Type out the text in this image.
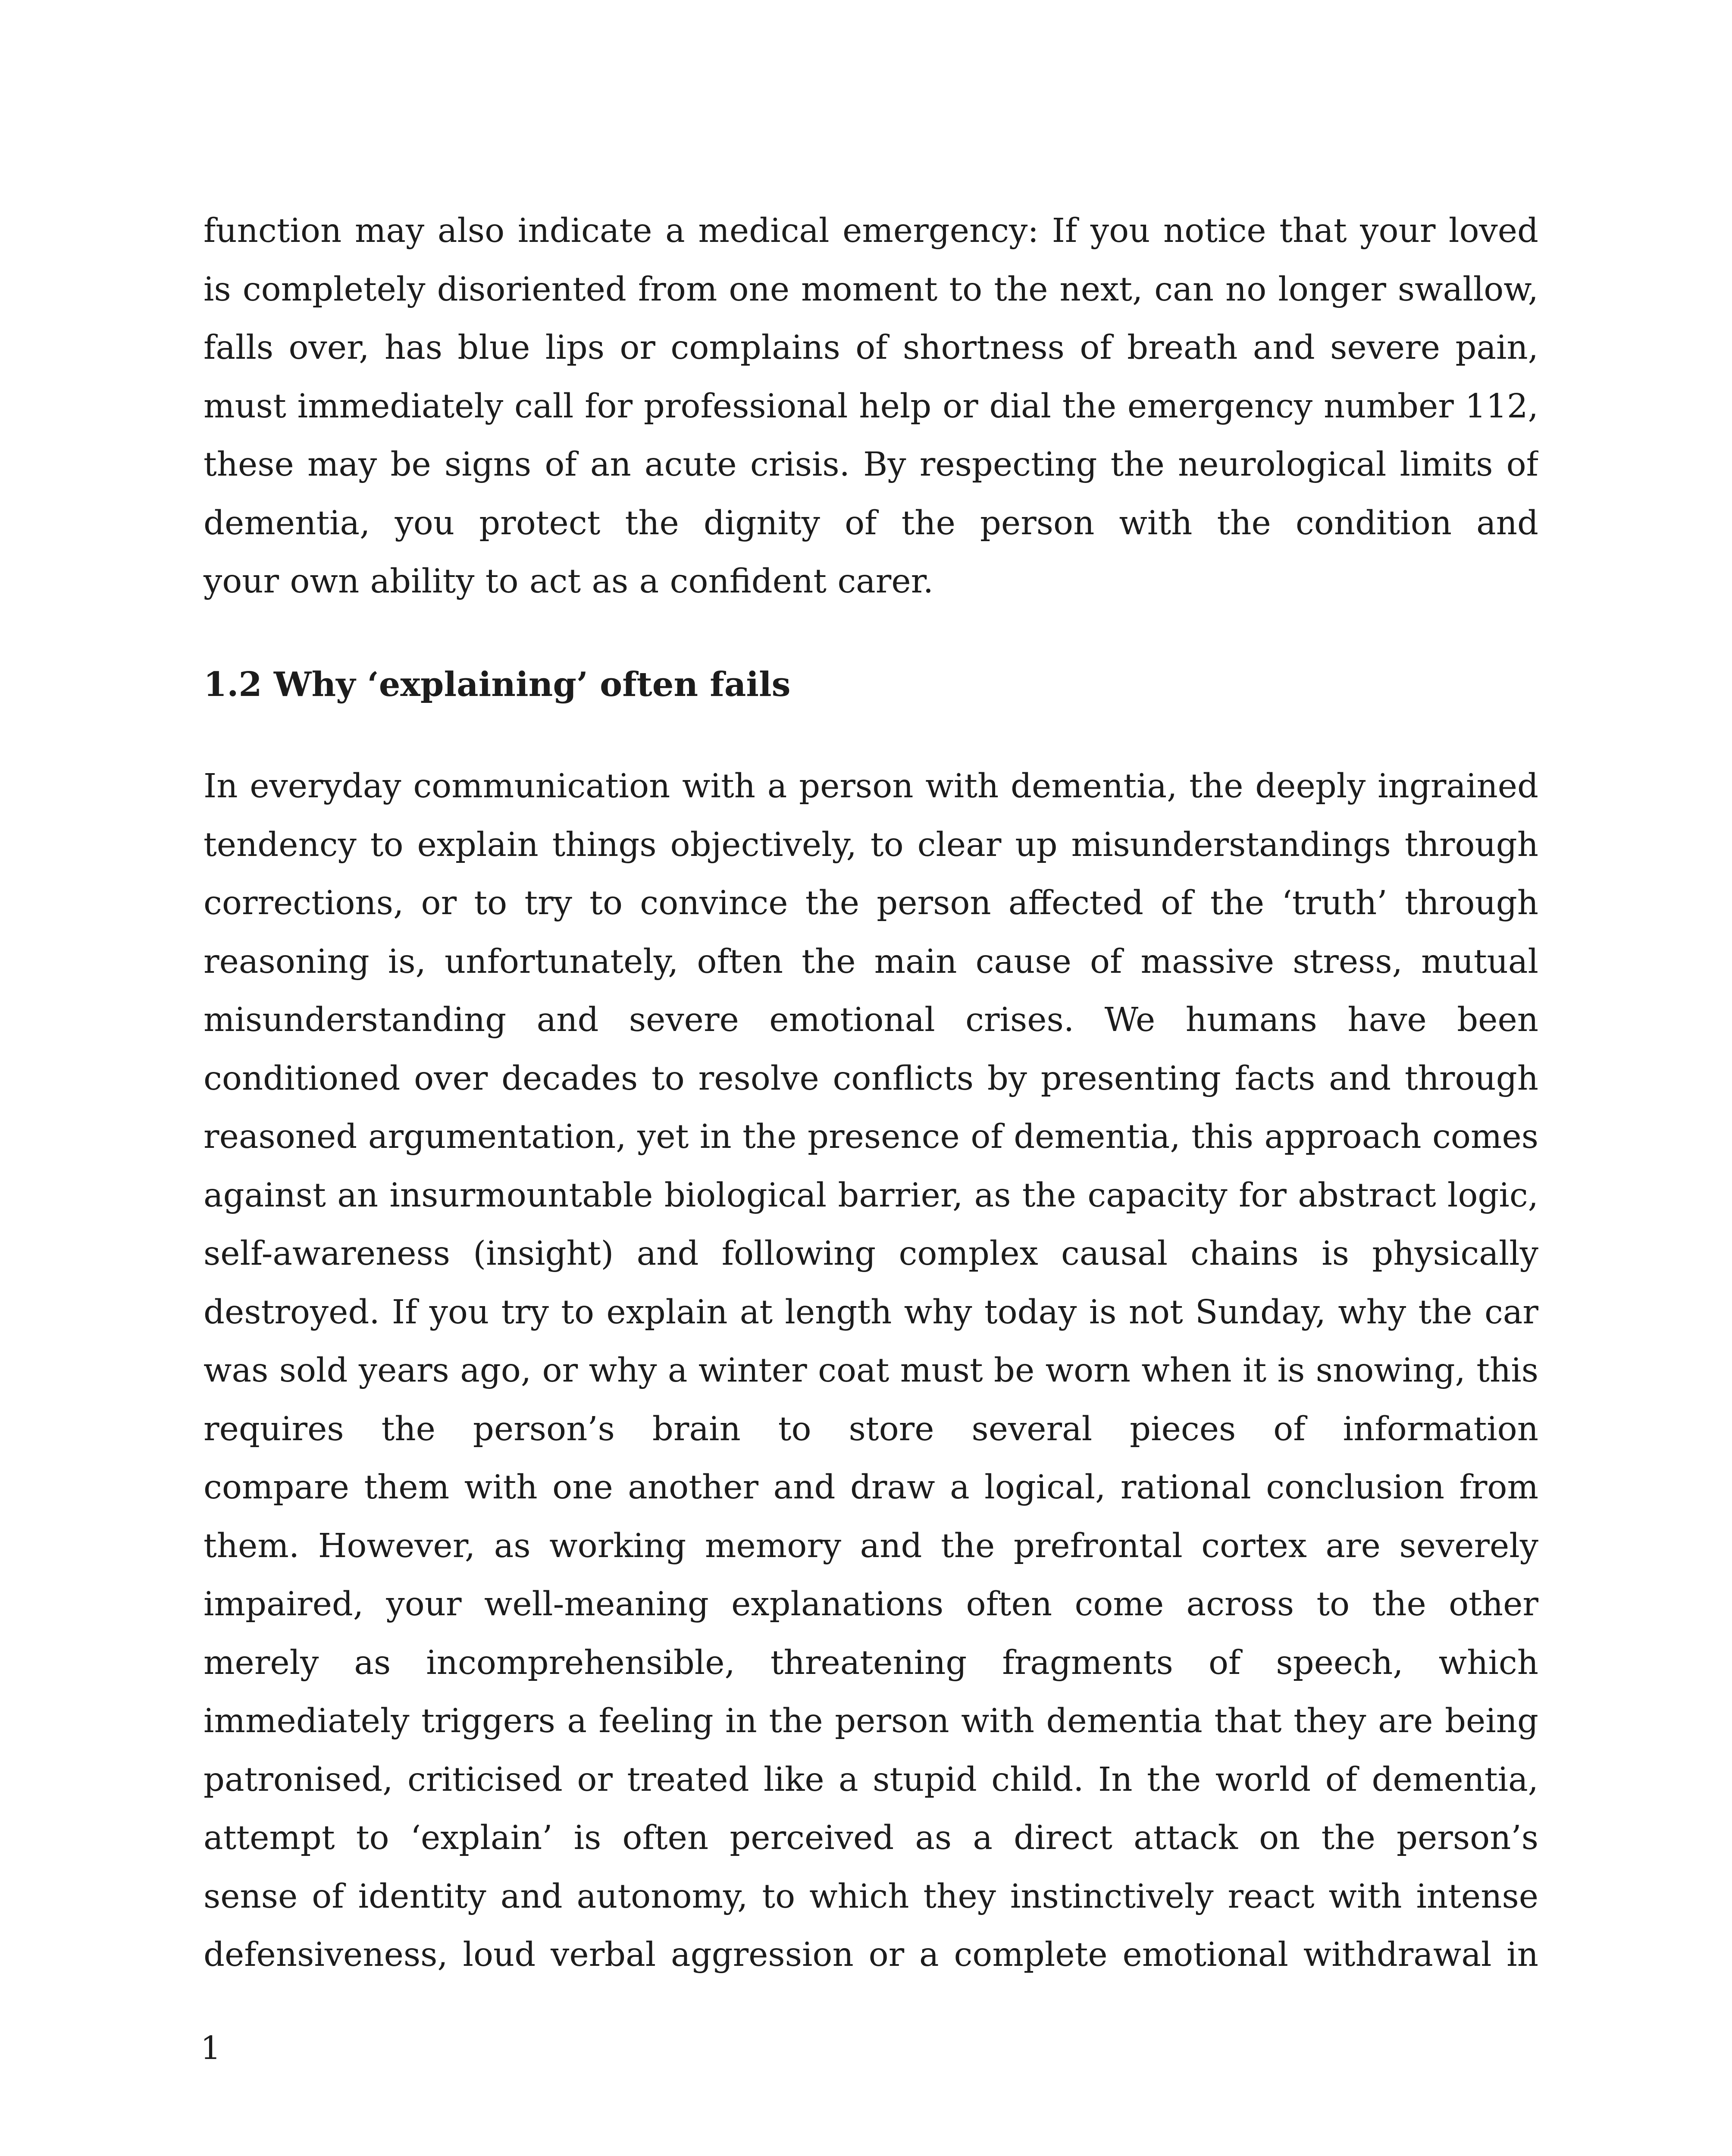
function may also indicate a medical emergency: If you notice that your loved
is completely disoriented from one moment to the next, can no longer swallow,
falls over, has blue lips or complains of shortness of breath and severe pain,
must immediately call for professional help or dial the emergency number 112,
these may be signs of an acute crisis. By respecting the neurological limits of
dementia, you protect the dignity of the person with the condition and
your own ability to act as a confident carer.
1.2 Why ‘explaining’ often fails
In everyday communication with a person with dementia, the deeply ingrained
tendency to explain things objectively, to clear up misunderstandings through
corrections, or to try to convince the person affected of the ‘truth’ through
reasoning is, unfortunately, often the main cause of massive stress, mutual
misunderstanding and severe emotional crises. We humans have been
conditioned over decades to resolve conflicts by presenting facts and through
reasoned argumentation, yet in the presence of dementia, this approach comes
against an insurmountable biological barrier, as the capacity for abstract logic,
self-awareness (insight) and following complex causal chains is physically
destroyed. If you try to explain at length why today is not Sunday, why the car
was sold years ago, or why a winter coat must be worn when it is snowing, this
requires the person’s brain to store several pieces of information
compare them with one another and draw a logical, rational conclusion from
them. However, as working memory and the prefrontal cortex are severely
impaired, your well-meaning explanations often come across to the other
merely as incomprehensible, threatening fragments of speech, which
immediately triggers a feeling in the person with dementia that they are being
patronised, criticised or treated like a stupid child. In the world of dementia,
attempt to ‘explain’ is often perceived as a direct attack on the person’s
sense of identity and autonomy, to which they instinctively react with intense
defensiveness, loud verbal aggression or a complete emotional withdrawal in
1
